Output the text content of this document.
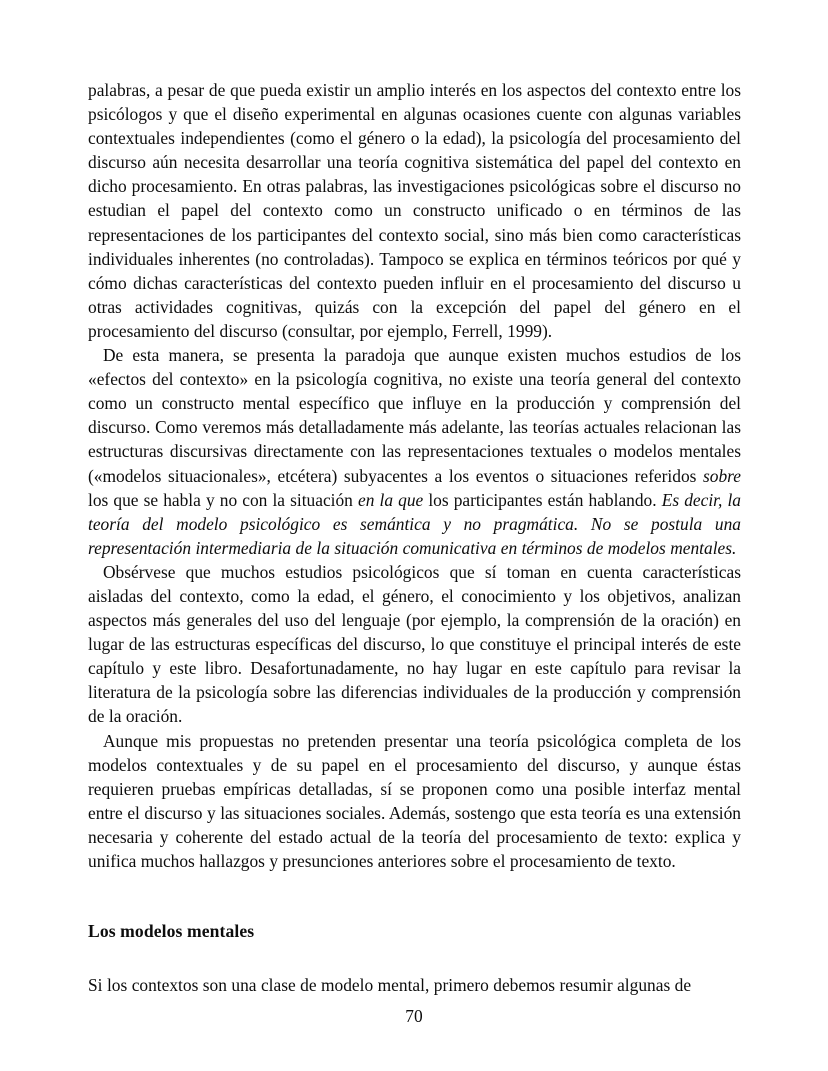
palabras, a pesar de que pueda existir un amplio interés en los aspectos del contexto entre los psicólogos y que el diseño experimental en algunas ocasiones cuente con algunas variables contextuales independientes (como el género o la edad), la psicología del procesamiento del discurso aún necesita desarrollar una teoría cognitiva sistemática del papel del contexto en dicho procesamiento. En otras palabras, las investigaciones psicológicas sobre el discurso no estudian el papel del contexto como un constructo unificado o en términos de las representaciones de los participantes del contexto social, sino más bien como características individuales inherentes (no controladas). Tampoco se explica en términos teóricos por qué y cómo dichas características del contexto pueden influir en el procesamiento del discurso u otras actividades cognitivas, quizás con la excepción del papel del género en el procesamiento del discurso (consultar, por ejemplo, Ferrell, 1999).

De esta manera, se presenta la paradoja que aunque existen muchos estudios de los «efectos del contexto» en la psicología cognitiva, no existe una teoría general del contexto como un constructo mental específico que influye en la producción y comprensión del discurso. Como veremos más detalladamente más adelante, las teorías actuales relacionan las estructuras discursivas directamente con las representaciones textuales o modelos mentales («modelos situacionales», etcétera) subyacentes a los eventos o situaciones referidos sobre los que se habla y no con la situación en la que los participantes están hablando. Es decir, la teoría del modelo psicológico es semántica y no pragmática. No se postula una representación intermediaria de la situación comunicativa en términos de modelos mentales.

Obsérvese que muchos estudios psicológicos que sí toman en cuenta características aisladas del contexto, como la edad, el género, el conocimiento y los objetivos, analizan aspectos más generales del uso del lenguaje (por ejemplo, la comprensión de la oración) en lugar de las estructuras específicas del discurso, lo que constituye el principal interés de este capítulo y este libro. Desafortunadamente, no hay lugar en este capítulo para revisar la literatura de la psicología sobre las diferencias individuales de la producción y comprensión de la oración.

Aunque mis propuestas no pretenden presentar una teoría psicológica completa de los modelos contextuales y de su papel en el procesamiento del discurso, y aunque éstas requieren pruebas empíricas detalladas, sí se proponen como una posible interfaz mental entre el discurso y las situaciones sociales. Además, sostengo que esta teoría es una extensión necesaria y coherente del estado actual de la teoría del procesamiento de texto: explica y unifica muchos hallazgos y presunciones anteriores sobre el procesamiento de texto.

Los modelos mentales

Si los contextos son una clase de modelo mental, primero debemos resumir algunas de

70
